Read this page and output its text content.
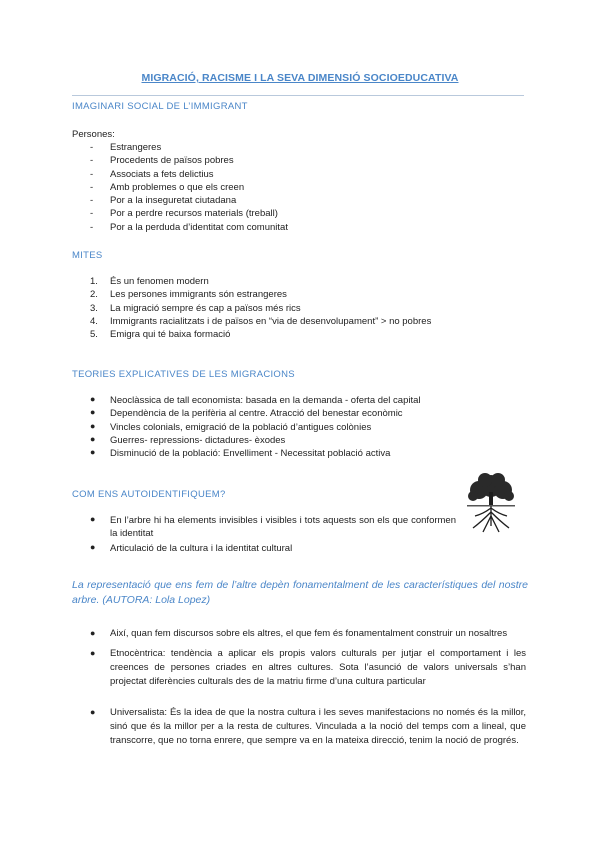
MIGRACIÓ, RACISME I LA SEVA DIMENSIÓ SOCIOEDUCATIVA
IMAGINARI SOCIAL DE L’IMMIGRANT
Persones:
- Estrangeres
- Procedents de països pobres
- Associats a fets delictius
- Amb problemes o que els creen
- Por a la inseguretat ciutadana
- Por a perdre recursos materials (treball)
- Por a la perduda d’identitat com comunitat
MITES
1. És un fenomen modern
2. Les persones immigrants són estrangeres
3. La migració sempre és cap a països més rics
4. Immigrants racialitzats i de països en “via de desenvolupament” > no pobres
5. Emigra qui té baixa formació
TEORIES EXPLICATIVES DE LES MIGRACIONS
● Neoclàssica de tall economista: basada en la demanda - oferta del capital
● Dependència de la perifèria al centre. Atracció del benestar econòmic
● Vincles colonials, emigració de la població d’antigues colònies
● Guerres- repressions- dictadures- èxodes
● Disminució de la població: Envelliment - Necessitat població activa
COM ENS AUTOIDENTIFIQUEM?
● En l’arbre hi ha elements invisibles i visibles i tots aquests son els que conformen la identitat
● Articulació de la cultura i la identitat cultural
La representació que ens fem de l’altre depèn fonamentalment de les característiques del nostre arbre. (AUTORA: Lola Lopez)
● Així, quan fem discursos sobre els altres, el que fem és fonamentalment construir un nosaltres
● Etnocèntrica: tendència a aplicar els propis valors culturals per jutjar el comportament i les creences de persones criades en altres cultures. Sota l’asunció de valors universals s’han projectat diferències culturals des de la matriu firme d’una cultura particular
● Universalista: És la idea de que la nostra cultura i les seves manifestacions no només és la millor, sinó que és la millor per a la resta de cultures. Vinculada a la noció del temps com a lineal, que transcorre, que no torna enrere, que sempre va en la mateixa direcció, tenim la noció de progrés.
